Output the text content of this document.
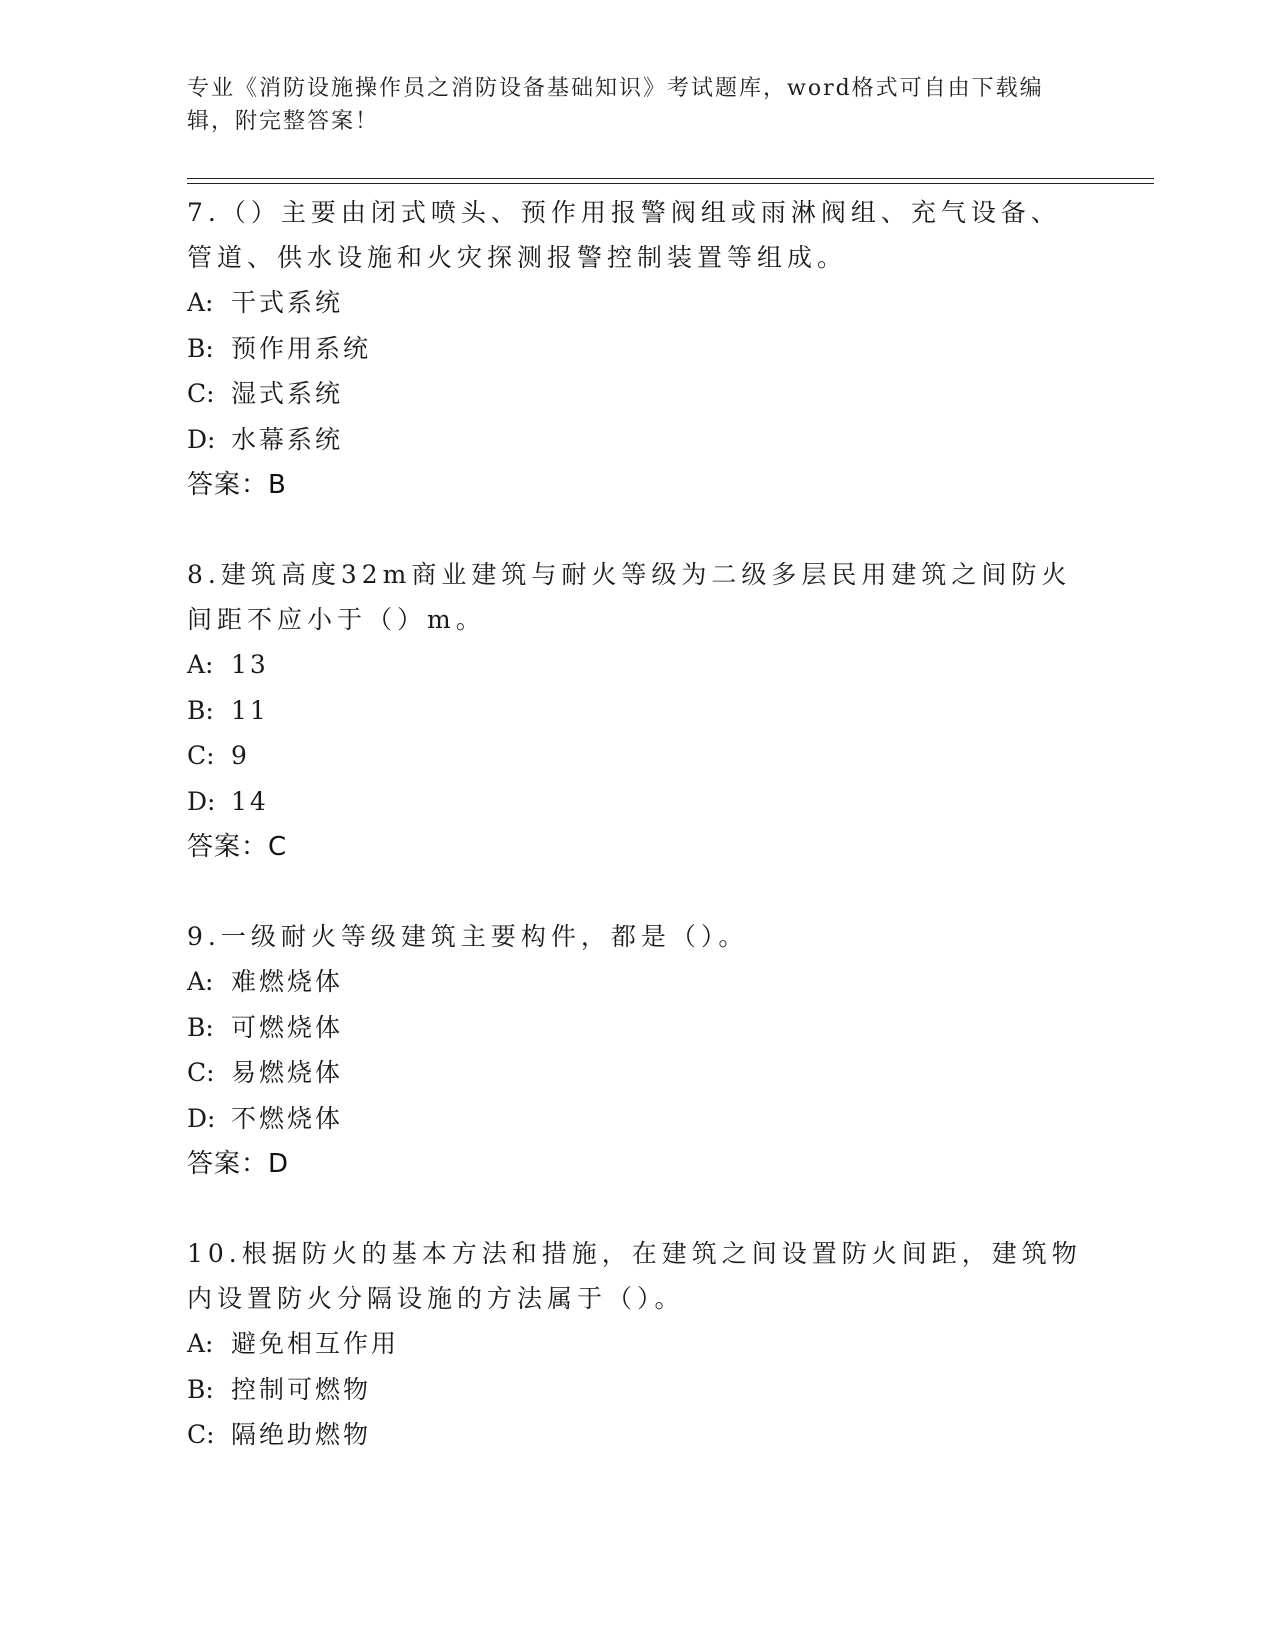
专业《消防设施操作员之消防设备基础知识》考试题库，word格式可自由下载编辑，附完整答案！

7.（）主要由闭式喷头、预作用报警阀组或雨淋阀组、充气设备、管道、供水设施和火灾探测报警控制装置等组成。

A: 干式系统

B: 预作用系统

C: 湿式系统

D: 水幕系统

答案：B

8.建筑高度32m商业建筑与耐火等级为二级多层民用建筑之间防火间距不应小于（）m。

A: 13

B: 11

C: 9

D: 14

答案：C

9.一级耐火等级建筑主要构件，都是（）。

A: 难燃烧体

B: 可燃烧体

C: 易燃烧体

D: 不燃烧体

答案：D

10.根据防火的基本方法和措施，在建筑之间设置防火间距，建筑物内设置防火分隔设施的方法属于（）。

A: 避免相互作用

B: 控制可燃物

C: 隔绝助燃物
